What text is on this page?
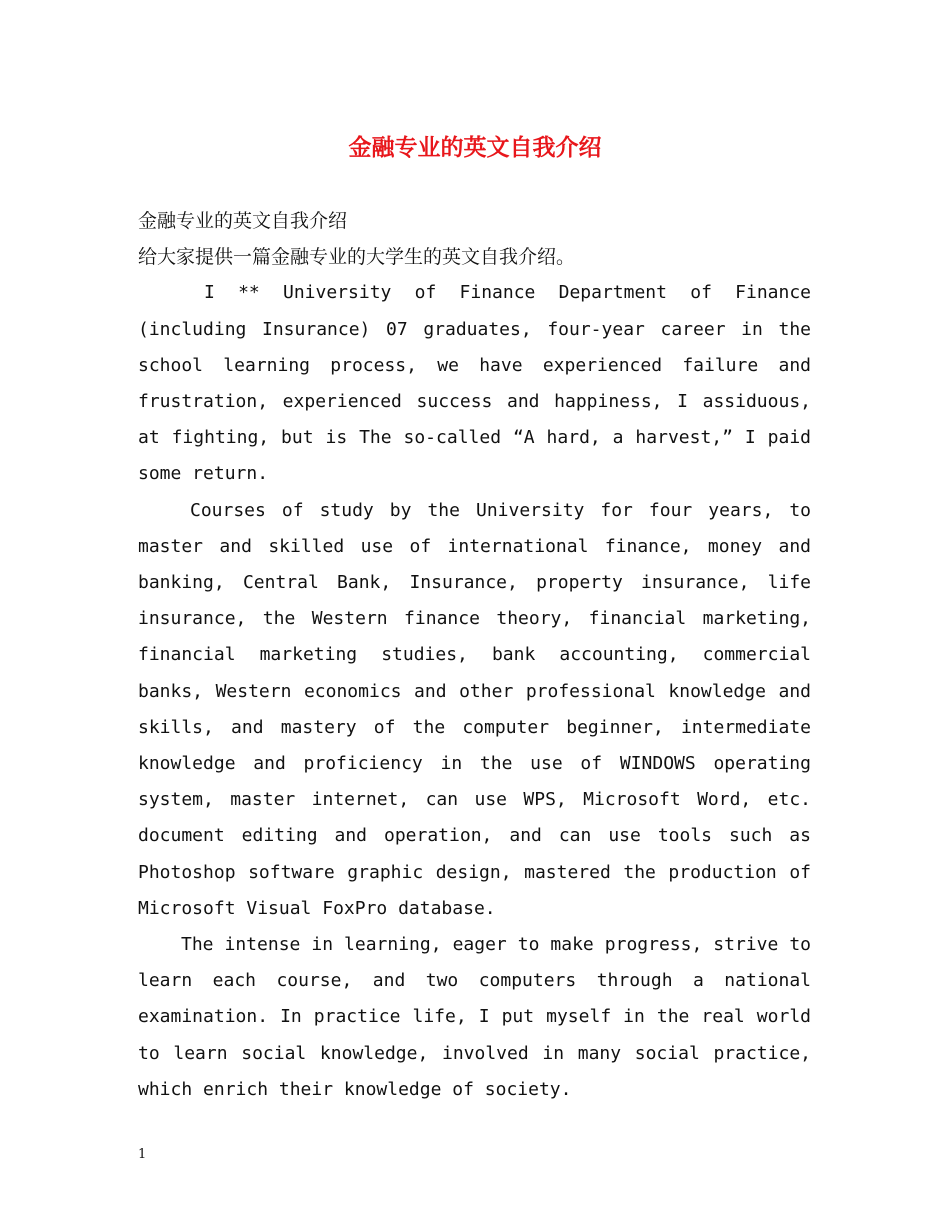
金融专业的英文自我介绍

金融专业的英文自我介绍

给大家提供一篇金融专业的大学生的英文自我介绍。

I ** University of Finance Department of Finance (including Insurance) 07 graduates, four-year career in the school learning process, we have experienced failure and frustration, experienced success and happiness, I assiduous, at fighting, but is The so-called “A hard, a harvest,” I paid some return.

Courses of study by the University for four years, to master and skilled use of international finance, money and banking, Central Bank, Insurance, property insurance, life insurance, the Western finance theory, financial marketing, financial marketing studies, bank accounting, commercial banks, Western economics and other professional knowledge and skills, and mastery of the computer beginner, intermediate knowledge and proficiency in the use of WINDOWS operating system, master internet, can use WPS, Microsoft Word, etc. document editing and operation, and can use tools such as Photoshop software graphic design, mastered the production of Microsoft Visual FoxPro database.

The intense in learning, eager to make progress, strive to learn each course, and two computers through a national examination. In practice life, I put myself in the real world to learn social knowledge, involved in many social practice, which enrich their knowledge of society.

1
